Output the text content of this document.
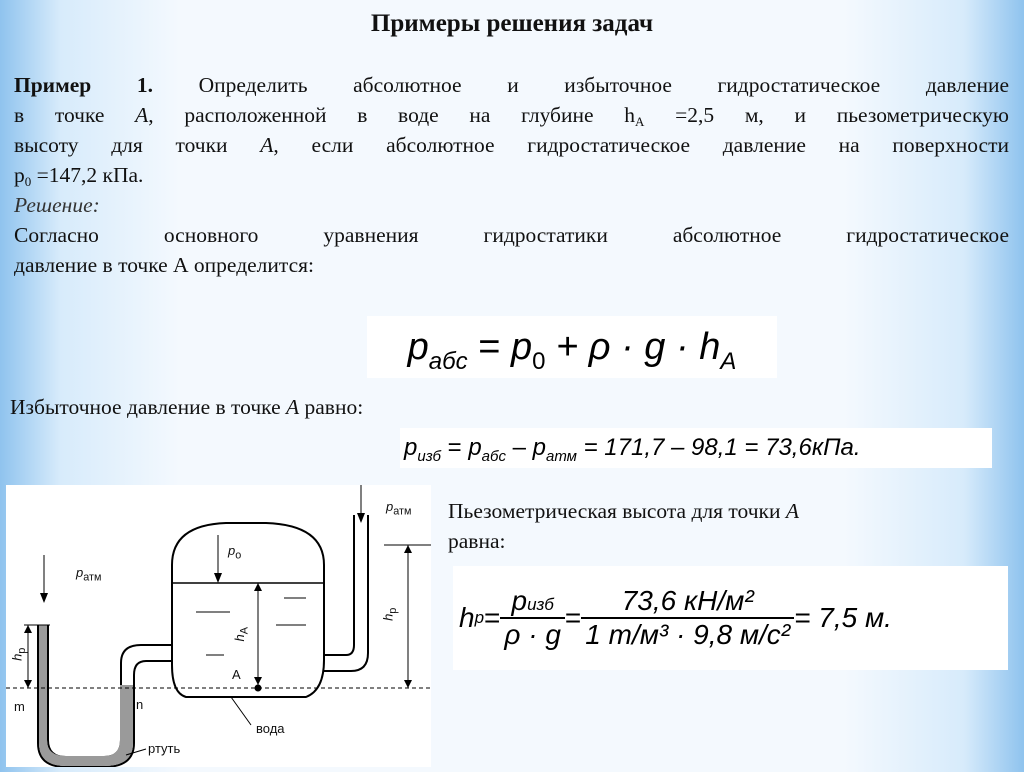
Примеры решения задач
Пример 1. Определить абсолютное и избыточное гидростатическое давление
в точке A, расположенной в воде на глубине $h_A =2,5$ м, и пьезометрическую
высоту для точки A, если абсолютное гидростатическое давление на поверхности
$p_0 =147,2$ кПа.
Решение:
Согласно основного уравнения гидростатики абсолютное гидростатическое
давление в точке А определится:
$p_{абс} = p_0 + \rho \cdot g \cdot h_A$
Избыточное давление в точке A равно:
$p_{изб} = p_{абс} - p_{атм} = 171,7 - 98,1 = 73,6кПа$.
Пьезометрическая высота для точки A
равна:
h $p = \frac{\text{pизб}}{\rho \cdot g} = \frac{\text{73,6 кН/м²}}{\text{1 т/м³ · 9,8 м/с²}} = 7,5$ м.
$p_{атм}$
$p_{атм}$
$p_o$
$h_p$
$h_A$
$h_p$
A
m	n
вода
ртуть
